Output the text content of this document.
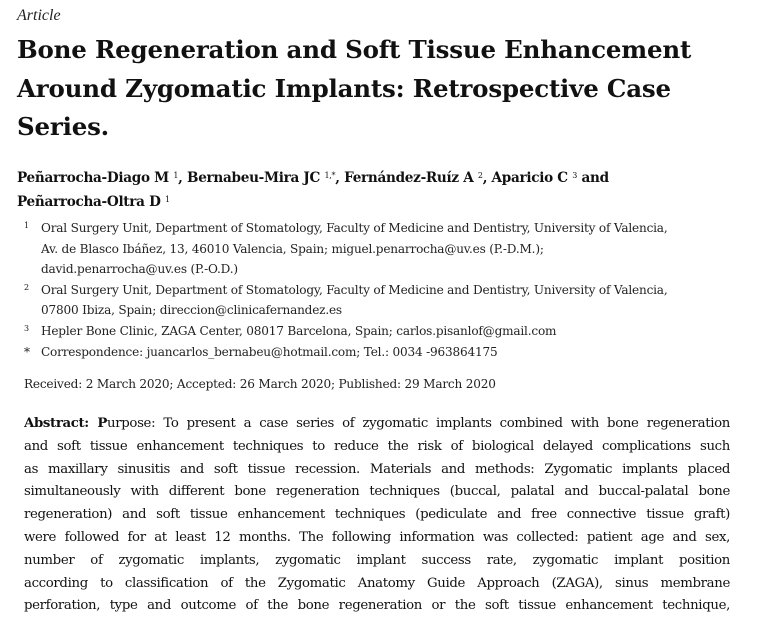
Article
Bone Regeneration and Soft Tissue Enhancement
Around Zygomatic Implants: Retrospective Case
Series.
Peñarrocha-Diago M $^1$, Bernabeu-Mira JC $^{1,*}$, Fernández-Ruíz A $^2$, Aparicio C $^3$ and
Peñarrocha-Oltra D $^1$
1 Oral Surgery Unit, Department of Stomatology, Faculty of Medicine and Dentistry, University of Valencia,
Av. de Blasco Ibáñez, 13, 46010 Valencia, Spain; miguel.penarrocha@uv.es (P.-D.M.);
david.penarrocha@uv.es (P.-O.D.)
2 Oral Surgery Unit, Department of Stomatology, Faculty of Medicine and Dentistry, University of Valencia,
07800 Ibiza, Spain; direccion@clinicafernandez.es
3 Hepler Bone Clinic, ZAGA Center, 08017 Barcelona, Spain; carlos.pisanlof@gmail.com
* Correspondence: juancarlos_bernabeu@hotmail.com; Tel.: 0034 -963864175
Received: 2 March 2020; Accepted: 26 March 2020; Published: 29 March 2020
Abstract: Purpose: To present a case series of zygomatic implants combined with bone regeneration
and soft tissue enhancement techniques to reduce the risk of biological delayed complications such
as maxillary sinusitis and soft tissue recession. Materials and methods: Zygomatic implants placed
simultaneously with different bone regeneration techniques (buccal, palatal and buccal-palatal bone
regeneration) and soft tissue enhancement techniques (pediculate and free connective tissue graft)
were followed for at least 12 months. The following information was collected: patient age and sex,
number of zygomatic implants, zygomatic implant success rate, zygomatic implant position
according to classification of the Zygomatic Anatomy Guide Approach (ZAGA), sinus membrane
perforation, type and outcome of the bone regeneration or the soft tissue enhancement technique,
